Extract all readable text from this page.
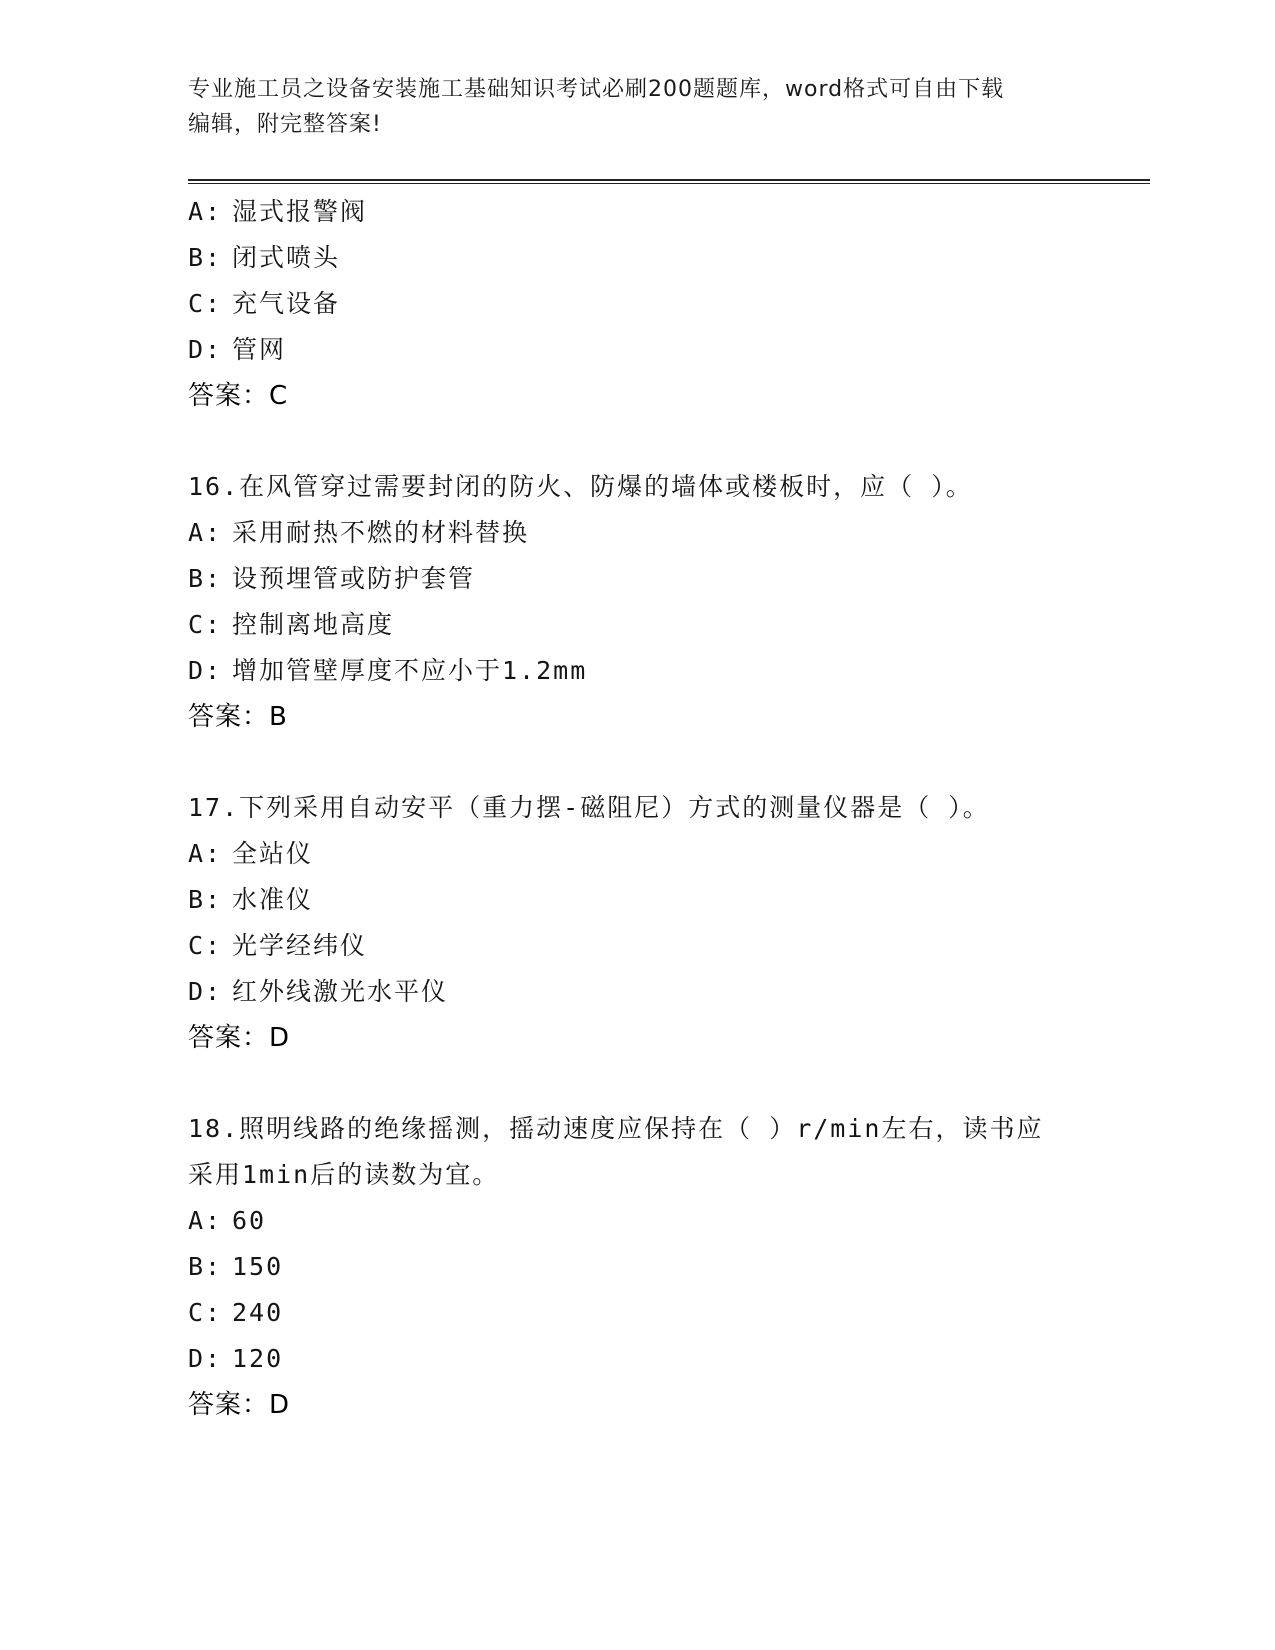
专业施工员之设备安装施工基础知识考试必刷200题题库，word格式可自由下载
编辑，附完整答案!
A: 湿式报警阀
B: 闭式喷头
C: 充气设备
D: 管网
答案：C
16.在风管穿过需要封闭的防火、防爆的墙体或楼板时，应（ ）。
A: 采用耐热不燃的材料替换
B: 设预埋管或防护套管
C: 控制离地高度
D: 增加管壁厚度不应小于1.2mm
答案：B
17.下列采用自动安平（重力摆-磁阻尼）方式的测量仪器是（ ）。
A: 全站仪
B: 水准仪
C: 光学经纬仪
D: 红外线激光水平仪
答案：D
18.照明线路的绝缘摇测，摇动速度应保持在（ ）r/min左右，读书应
采用1min后的读数为宜。
A: 60
B: 150
C: 240
D: 120
答案：D
